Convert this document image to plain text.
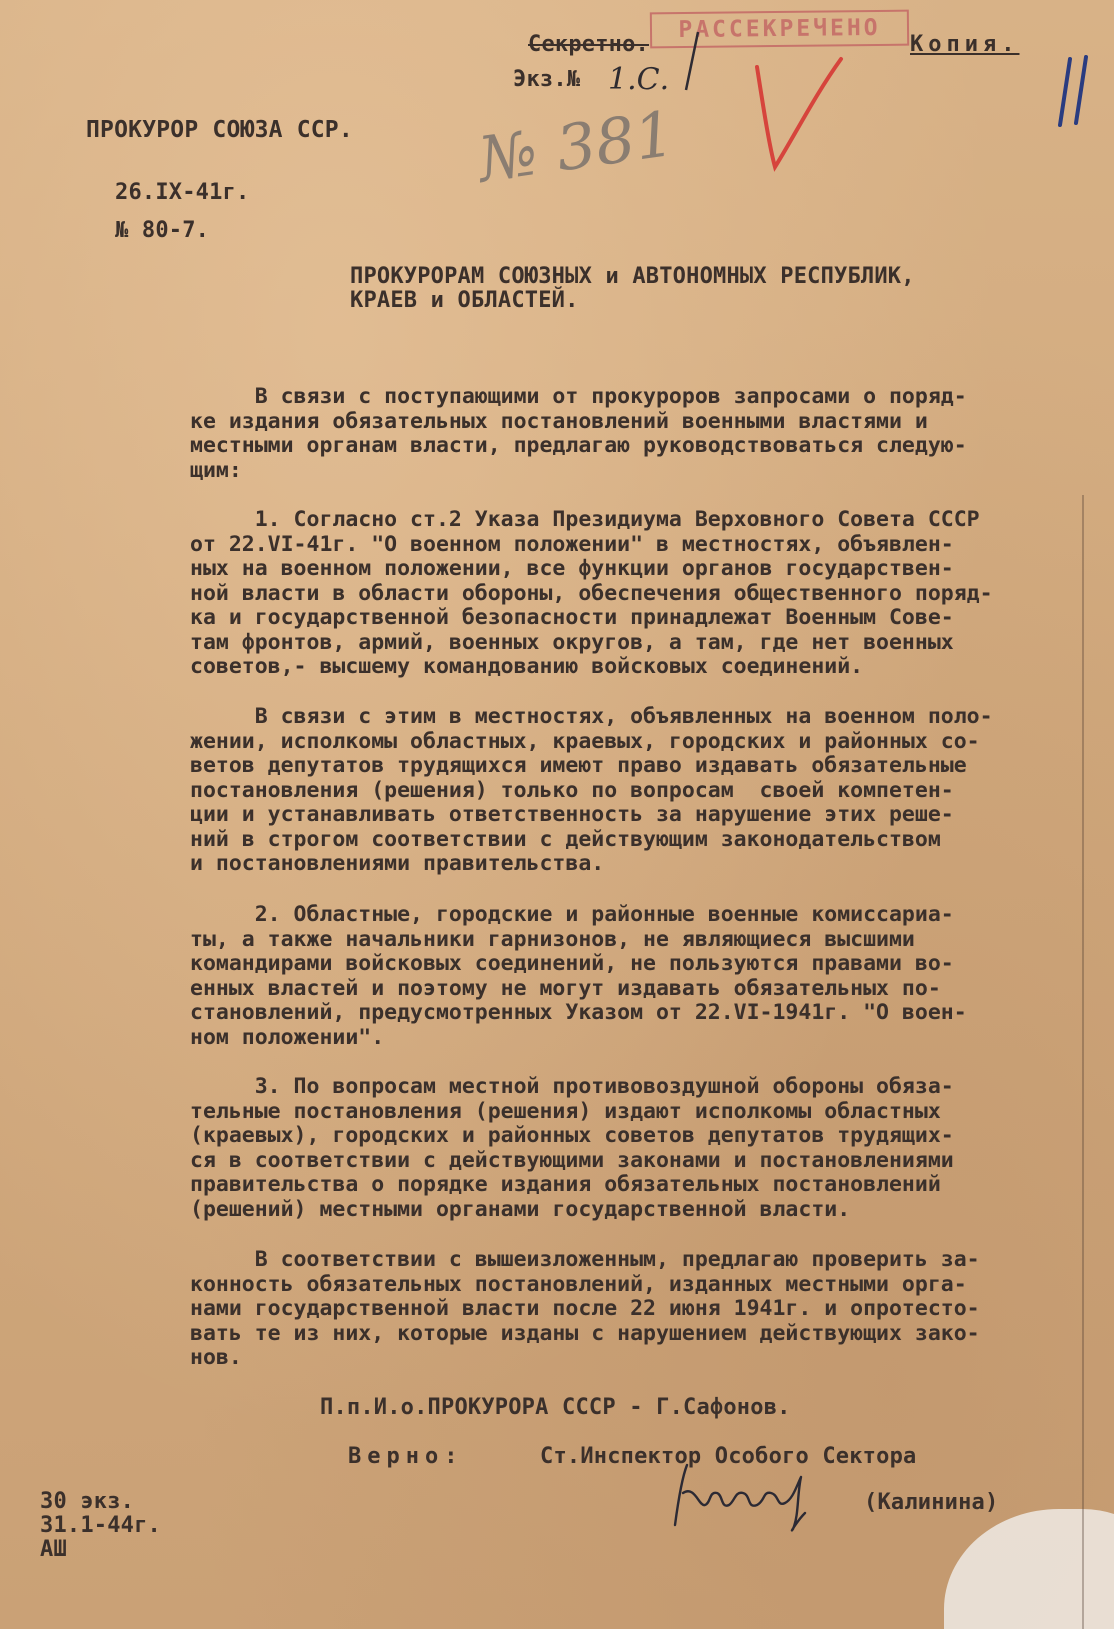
Секретно.

РАССЕКРЕЧЕНО

Копия.

Экз.№ 1.С.

ПРОКУРОР СОЮЗА ССР. № 381

26.IX-41г.

№ 80-7.

ПРОКУРОРАМ СОЮЗНЫХ и АВТОНОМНЫХ РЕСПУБЛИК,

КРАЕВ и ОБЛАСТЕЙ.

В связи с поступающими от прокуроров запросами о поряд-
ке издания обязательных постановлений военными властями и
местными органам власти, предлагаю руководствоваться следую-
щим:

1. Согласно ст.2 Указа Президиума Верховного Совета СССР
от 22.VI-41г. "О военном положении" в местностях, объявлен-
ных на военном положении, все функции органов государствен-
ной власти в области обороны, обеспечения общественного поряд-
ка и государственной безопасности принадлежат Военным Сове-
там фронтов, армий, военных округов, а там, где нет военных
советов,- высшему командованию войсковых соединений.

В связи с этим в местностях, объявленных на военном поло-
жении, исполкомы областных, краевых, городских и районных со-
ветов депутатов трудящихся имеют право издавать обязательные
постановления (решения) только по вопросам  своей компетен-
ции и устанавливать ответственность за нарушение этих реше-
ний в строгом соответствии с действующим законодательством
и постановлениями правительства.

2. Областные, городские и районные военные комиссариа-
ты, а также начальники гарнизонов, не являющиеся высшими
командирами войсковых соединений, не пользуются правами во-
енных властей и поэтому не могут издавать обязательных по-
становлений, предусмотренных Указом от 22.VI-1941г. "О воен-
ном положении".

3. По вопросам местной противовоздушной обороны обяза-
тельные постановления (решения) издают исполкомы областных
(краевых), городских и районных советов депутатов трудящих-
ся в соответствии с действующими законами и постановлениями
правительства о порядке издания обязательных постановлений
(решений) местными органами государственной власти.

В соответствии с вышеизложенным, предлагаю проверить за-
конность обязательных постановлений, изданных местными орга-
нами государственной власти после 22 июня 1941г. и опротесто-
вать те из них, которые изданы с нарушением действующих зако-
нов.

П.п.И.о.ПРОКУРОРА СССР - Г.Сафонов.

Верно:	Ст.Инспектор Особого Сектора

(Калинина)

30 экз.
31.1-44г.
АШ
